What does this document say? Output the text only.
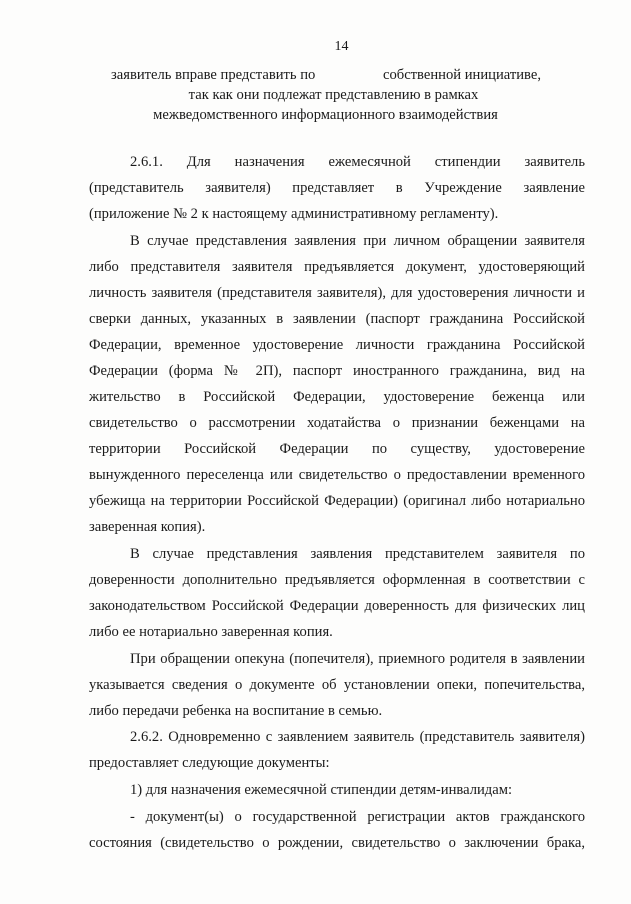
14
заявитель вправе представить по	собственной инициативе,
так как они подлежат представлению в рамках
межведомственного информационного взаимодействия
2.6.1. Для назначения ежемесячной стипендии заявитель
(представитель заявителя) представляет в Учреждение заявление
(приложение № 2 к настоящему административному регламенту).
В случае представления заявления при личном обращении заявителя
либо представителя заявителя предъявляется документ, удостоверяющий
личность заявителя (представителя заявителя), для удостоверения личности и
сверки данных, указанных в заявлении (паспорт гражданина Российской
Федерации, временное удостоверение личности гражданина Российской
Федерации (форма № 2П), паспорт иностранного гражданина, вид на
жительство в Российской Федерации, удостоверение беженца или
свидетельство о рассмотрении ходатайства о признании беженцами на
территории Российской Федерации по существу, удостоверение
вынужденного переселенца или свидетельство о предоставлении временного
убежища на территории Российской Федерации) (оригинал либо нотариально
заверенная копия).
В случае представления заявления представителем заявителя по
доверенности дополнительно предъявляется оформленная в соответствии с
законодательством Российской Федерации доверенность для физических лиц
либо ее нотариально заверенная копия.
При обращении опекуна (попечителя), приемного родителя в заявлении
указывается сведения о документе об установлении опеки, попечительства,
либо передачи ребенка на воспитание в семью.
2.6.2. Одновременно с заявлением заявитель (представитель заявителя)
предоставляет следующие документы:
1) для назначения ежемесячной стипендии детям-инвалидам:
- документ(ы) о государственной регистрации актов гражданского
состояния (свидетельство о рождении, свидетельство о заключении брака,
